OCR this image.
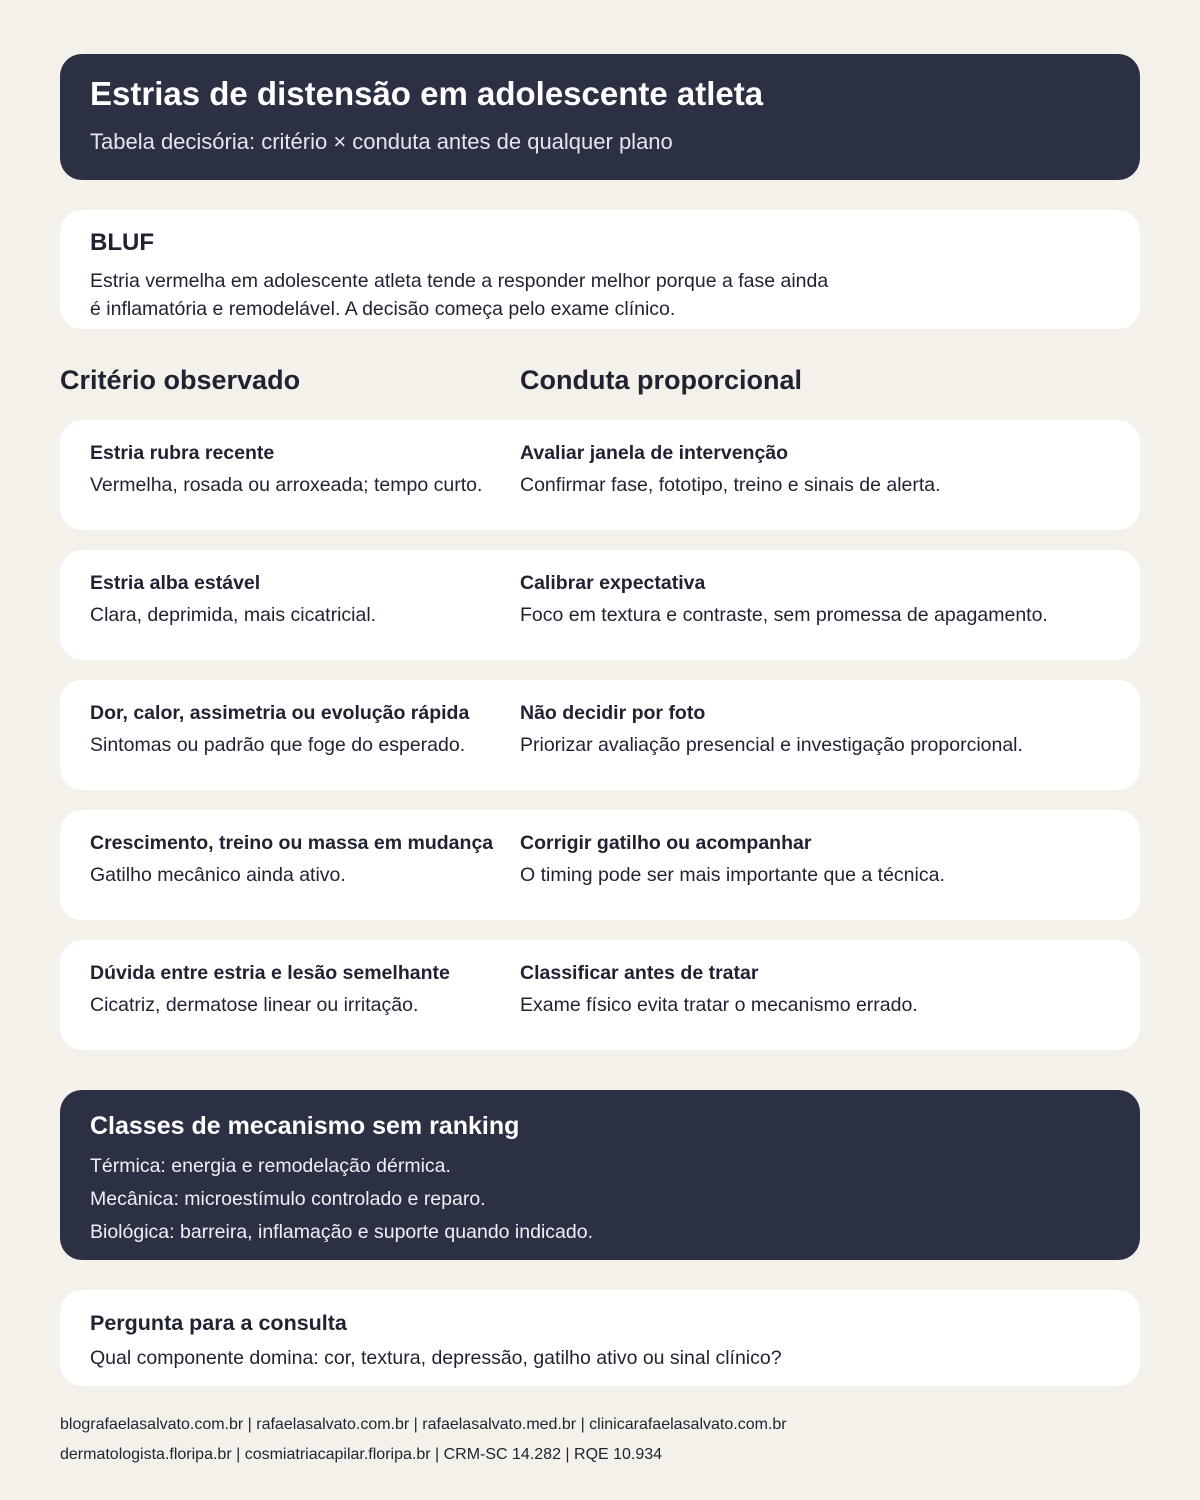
Estrias de distensão em adolescente atleta

Tabela decisória: critério × conduta antes de qualquer plano

BLUF

Estria vermelha em adolescente atleta tende a responder melhor porque a fase ainda é inflamatória e remodelável. A decisão começa pelo exame clínico.

Critério observado	Conduta proporcional
Estria rubra recente
Vermelha, rosada ou arroxeada; tempo curto.
Avaliar janela de intervenção
Confirmar fase, fototipo, treino e sinais de alerta.
Estria alba estável
Clara, deprimida, mais cicatricial.
Calibrar expectativa
Foco em textura e contraste, sem promessa de apagamento.
Dor, calor, assimetria ou evolução rápida
Sintomas ou padrão que foge do esperado.
Não decidir por foto
Priorizar avaliação presencial e investigação proporcional.
Crescimento, treino ou massa em mudança
Gatilho mecânico ainda ativo.
Corrigir gatilho ou acompanhar
O timing pode ser mais importante que a técnica.
Dúvida entre estria e lesão semelhante
Cicatriz, dermatose linear ou irritação.
Classificar antes de tratar
Exame físico evita tratar o mecanismo errado.
Classes de mecanismo sem ranking
Térmica: energia e remodelação dérmica.
Mecânica: microestímulo controlado e reparo.
Biológica: barreira, inflamação e suporte quando indicado.
Pergunta para a consulta

Qual componente domina: cor, textura, depressão, gatilho ativo ou sinal clínico?

blografaelasalvato.com.br | rafaelasalvato.com.br | rafaelasalvato.med.br | clinicarafaelasalvato.com.br
dermatologista.floripa.br | cosmiatriacapilar.floripa.br | CRM-SC 14.282 | RQE 10.934
